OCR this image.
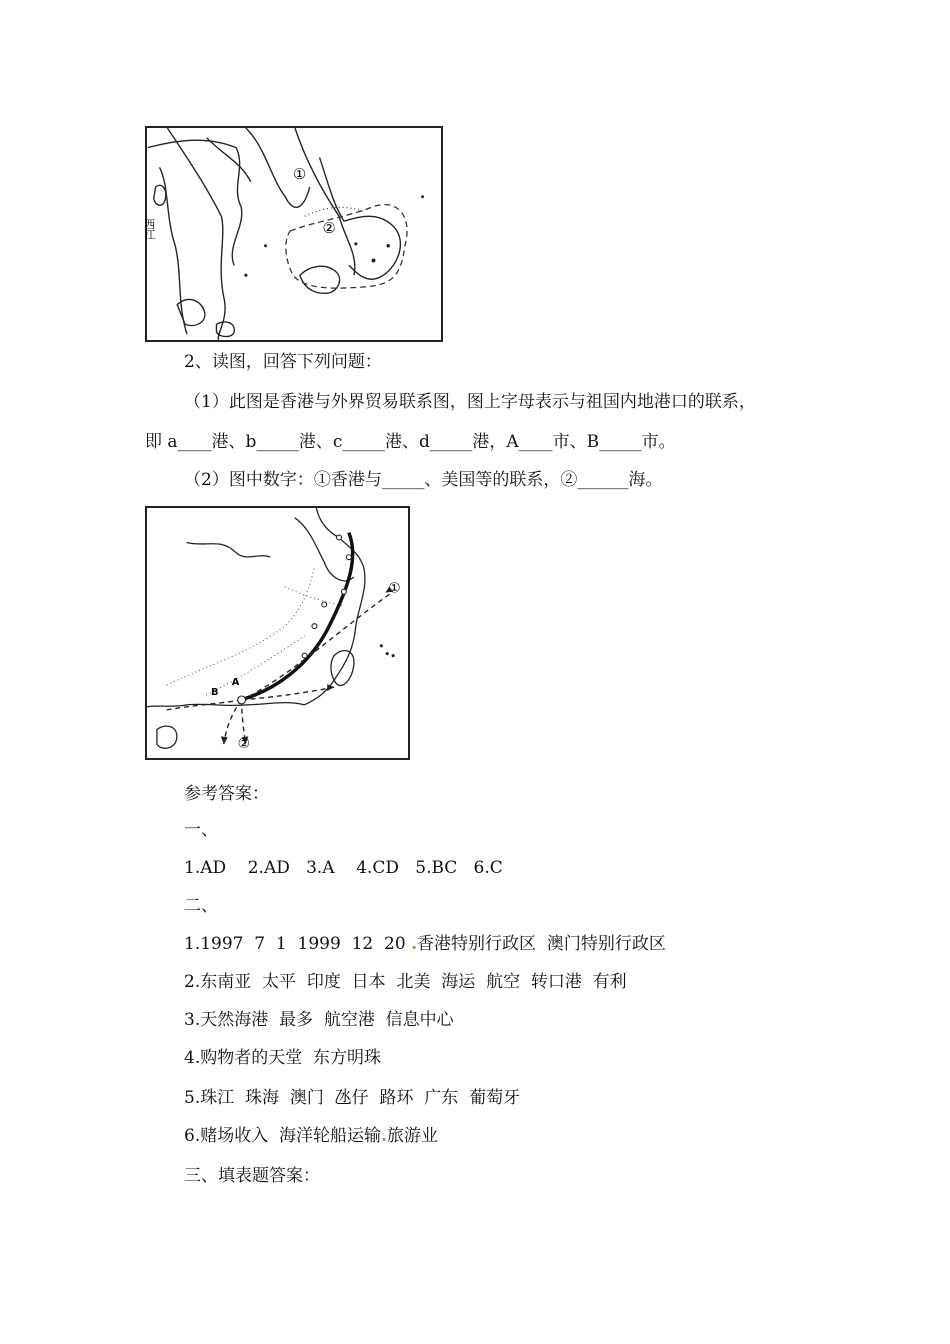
①
②
西江
2、读图，回答下列问题：
（1）此图是香港与外界贸易联系图，图上字母表示与祖国内地港口的联系，
即 a____港、b_____港、c_____港、d_____港，A____市、B_____市。
（2）图中数字：①香港与_____、美国等的联系，②______海。
①
②
A
B
参考答案：
一、
1.AD    2.AD   3.A    4.CD   5.BC   6.C
二、
1.1997  7  1  1999  12  20 .香港特别行政区  澳门特别行政区
2.东南亚  太平  印度  日本  北美  海运  航空  转口港  有利
3.天然海港  最多  航空港  信息中心
4.购物者的天堂  东方明珠
5.珠江  珠海  澳门  氹仔  路环  广东  葡萄牙
6.赌场收入  海洋轮船运输.旅游业
三、填表题答案：
